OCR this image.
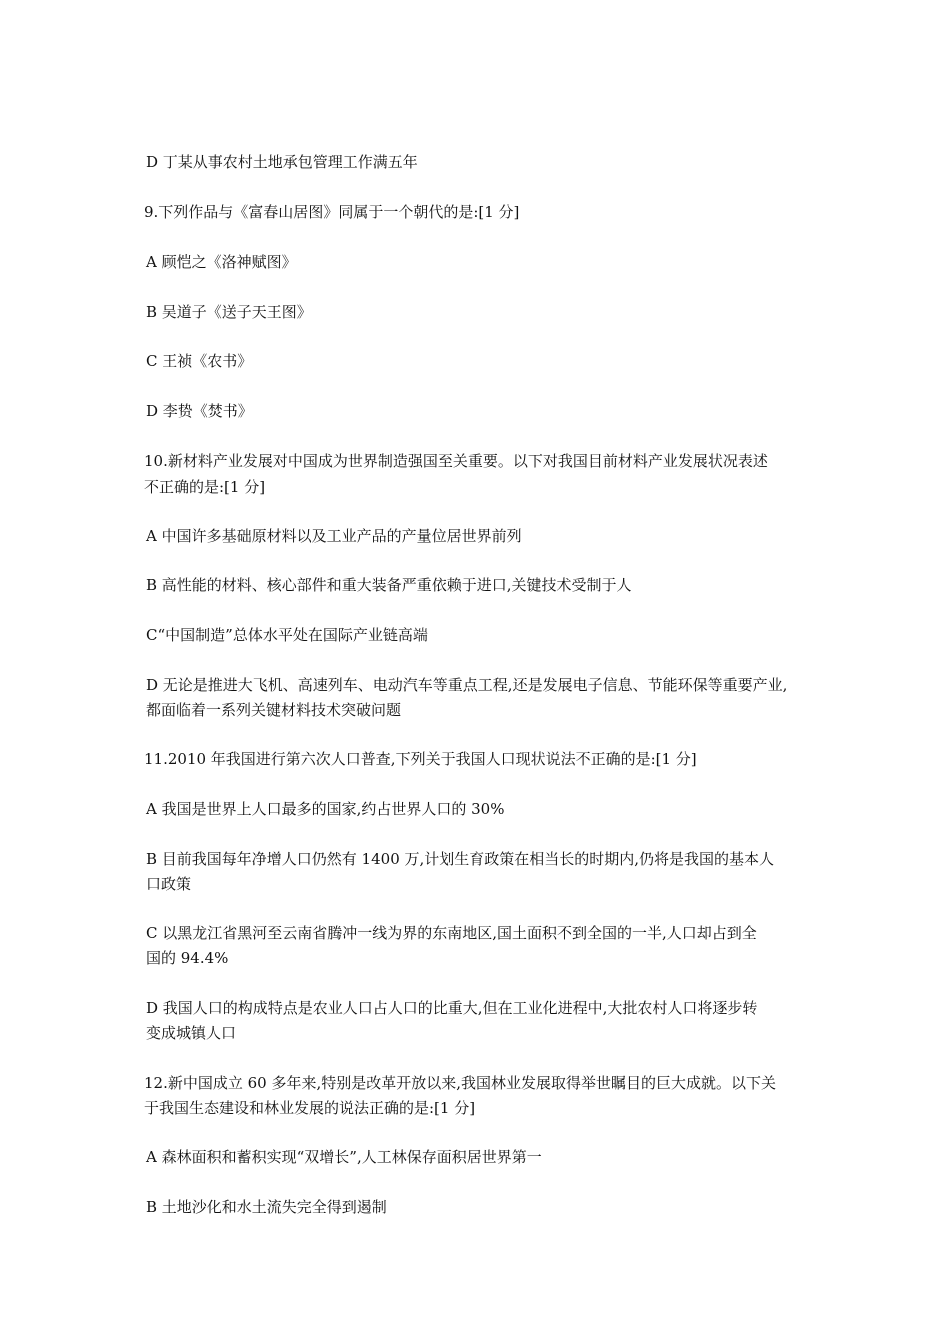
D 丁某从事农村土地承包管理工作满五年
9.下列作品与《富春山居图》同属于一个朝代的是:[1 分]
A 顾恺之《洛神赋图》
B 吴道子《送子天王图》
C 王祯《农书》
D 李贽《焚书》
10.新材料产业发展对中国成为世界制造强国至关重要。以下对我国目前材料产业发展状况表述
不正确的是:[1 分]
A 中国许多基础原材料以及工业产品的产量位居世界前列
B 高性能的材料、核心部件和重大装备严重依赖于进口,关键技术受制于人
C“中国制造”总体水平处在国际产业链高端
D 无论是推进大飞机、高速列车、电动汽车等重点工程,还是发展电子信息、节能环保等重要产业,
都面临着一系列关键材料技术突破问题
11.2010 年我国进行第六次人口普查,下列关于我国人口现状说法不正确的是:[1 分]
A 我国是世界上人口最多的国家,约占世界人口的 30%
B 目前我国每年净增人口仍然有 1400 万,计划生育政策在相当长的时期内,仍将是我国的基本人
口政策
C 以黑龙江省黑河至云南省腾冲一线为界的东南地区,国土面积不到全国的一半,人口却占到全
国的 94.4%
D 我国人口的构成特点是农业人口占人口的比重大,但在工业化进程中,大批农村人口将逐步转
变成城镇人口
12.新中国成立 60 多年来,特别是改革开放以来,我国林业发展取得举世瞩目的巨大成就。以下关
于我国生态建设和林业发展的说法正确的是:[1 分]
A 森林面积和蓄积实现“双增长”,人工林保存面积居世界第一
B 土地沙化和水土流失完全得到遏制
